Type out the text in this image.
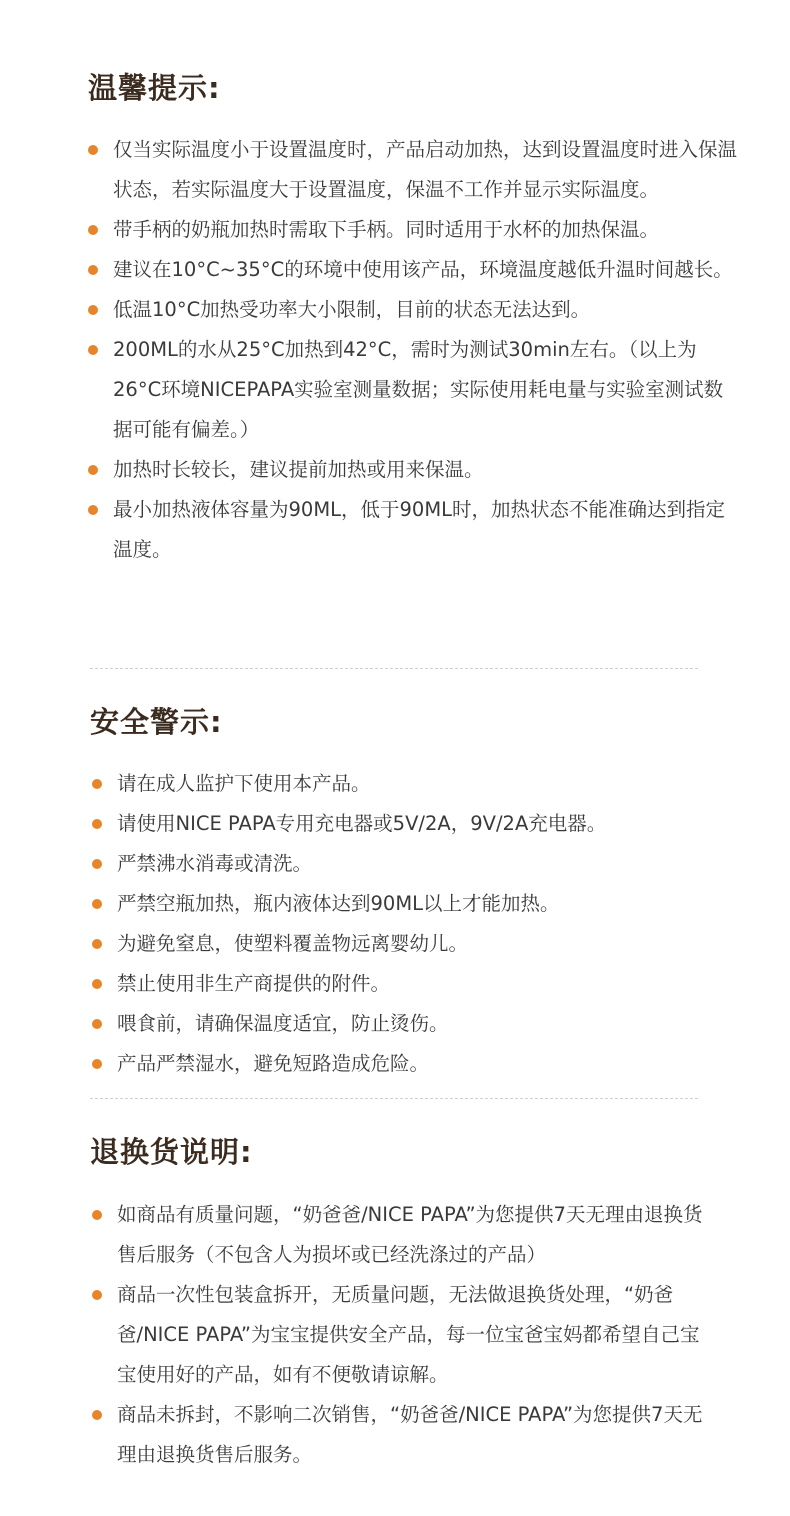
温馨提示:
仅当实际温度小于设置温度时，产品启动加热，达到设置温度时进入保温状态，若实际温度大于设置温度，保温不工作并显示实际温度。
带手柄的奶瓶加热时需取下手柄。同时适用于水杯的加热保温。
建议在10°C~35°C的环境中使用该产品，环境温度越低升温时间越长。
低温10°C加热受功率大小限制，目前的状态无法达到。
200ML的水从25°C加热到42°C，需时为测试30min左右。（以上为26°C环境NICEPAPA实验室测量数据；实际使用耗电量与实验室测试数据可能有偏差。）
加热时长较长，建议提前加热或用来保温。
最小加热液体容量为90ML，低于90ML时，加热状态不能准确达到指定温度。
安全警示:
请在成人监护下使用本产品。
请使用NICE PAPA专用充电器或5V/2A，9V/2A充电器。
严禁沸水消毒或清洗。
严禁空瓶加热，瓶内液体达到90ML以上才能加热。
为避免窒息，使塑料覆盖物远离婴幼儿。
禁止使用非生产商提供的附件。
喂食前，请确保温度适宜，防止烫伤。
产品严禁湿水，避免短路造成危险。
退换货说明:
如商品有质量问题，“奶爸爸/NICE PAPA”为您提供7天无理由退换货售后服务（不包含人为损坏或已经洗涤过的产品）
商品一次性包装盒拆开，无质量问题，无法做退换货处理，“奶爸爸/NICE PAPA”为宝宝提供安全产品，每一位宝爸宝妈都希望自己宝宝使用好的产品，如有不便敬请谅解。
商品未拆封，不影响二次销售，“奶爸爸/NICE PAPA”为您提供7天无理由退换货售后服务。
